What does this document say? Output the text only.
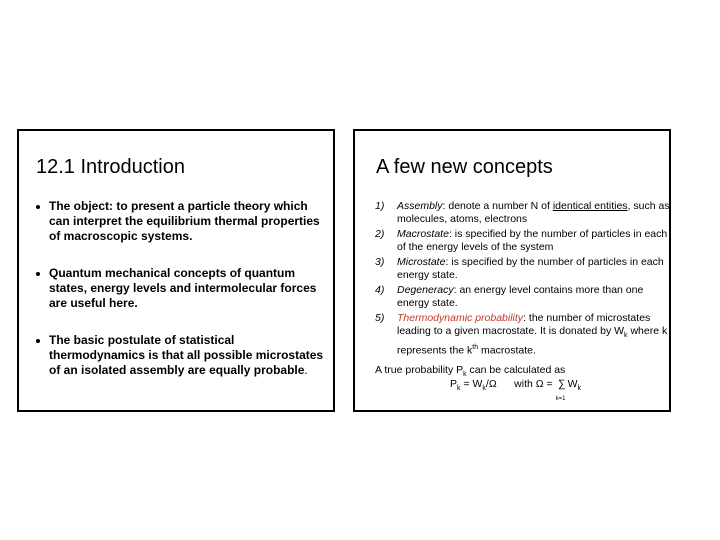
12.1 Introduction
The object: to present a particle theory which can interpret the equilibrium thermal properties of macroscopic systems.
Quantum mechanical concepts of quantum states, energy levels and intermolecular forces are useful here.
The basic postulate of statistical thermodynamics is that all possible microstates of an isolated assembly are equally probable.
A few new concepts
1) Assembly: denote a number N of identical entities, such as molecules, atoms, electrons
2) Macrostate: is specified by the number of particles in each of the energy levels of the system
3) Microstate: is specified by the number of particles in each energy state.
4) Degeneracy: an energy level contains more than one energy state.
5) Thermodynamic probability: the number of microstates leading to a given macrostate. It is donated by $W_k$ where k represents the $k^{th}$ macrostate.
A true probability $P_k$ can be calculated as
$P_k = W_k/\Omega$      with Ω = ∑
k=1
$W_k$
